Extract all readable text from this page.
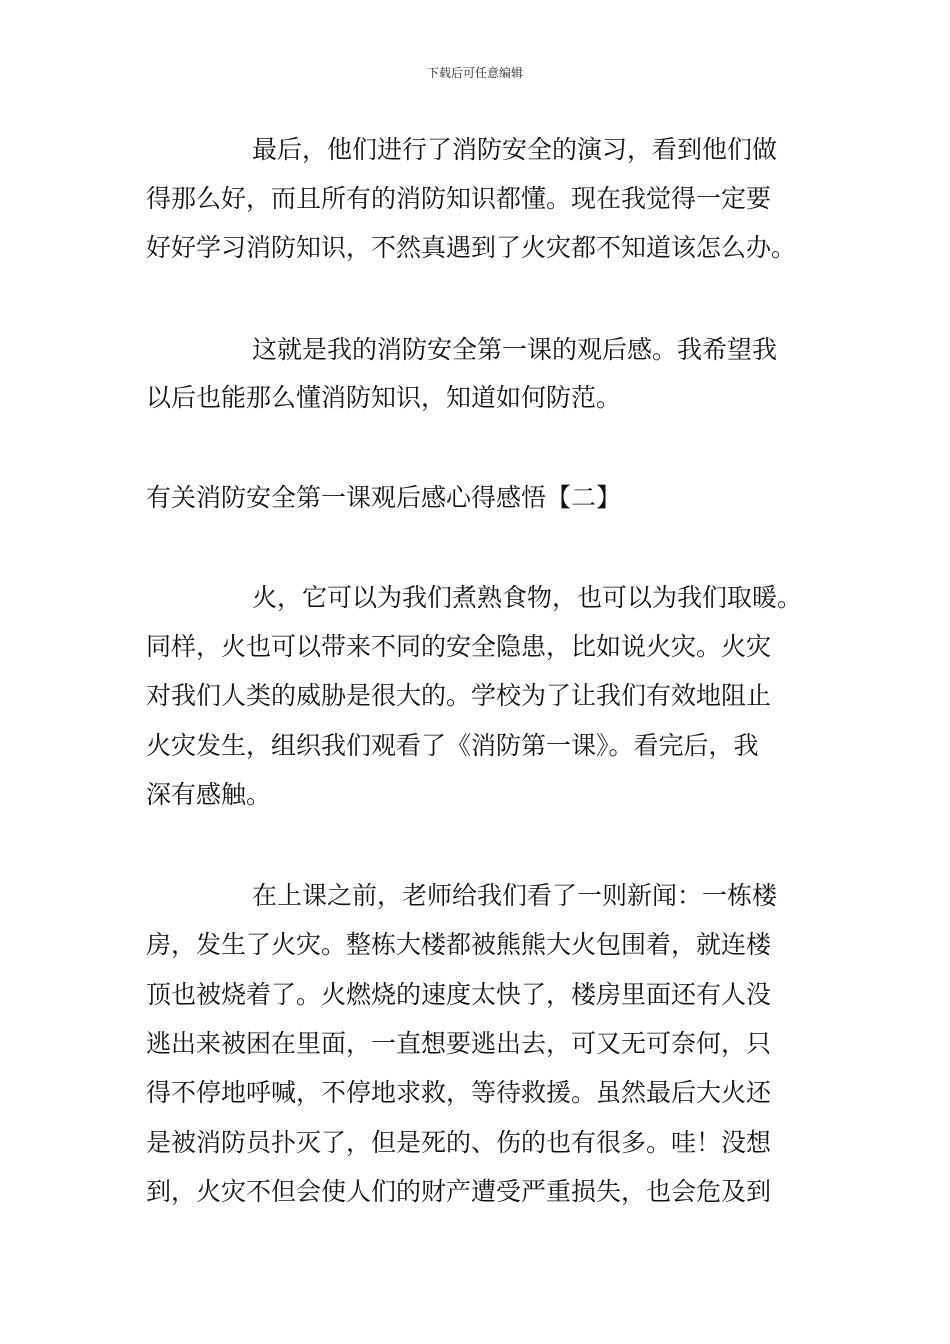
下载后可任意编辑
最后，他们进行了消防安全的演习，看到他们做
得那么好，而且所有的消防知识都懂。现在我觉得一定要
好好学习消防知识，不然真遇到了火灾都不知道该怎么办。
这就是我的消防安全第一课的观后感。我希望我
以后也能那么懂消防知识，知道如何防范。
有关消防安全第一课观后感心得感悟【二】
火，它可以为我们煮熟食物，也可以为我们取暖。
同样，火也可以带来不同的安全隐患，比如说火灾。火灾
对我们人类的威胁是很大的。学校为了让我们有效地阻止
火灾发生，组织我们观看了《消防第一课》。看完后，我
深有感触。
在上课之前，老师给我们看了一则新闻：一栋楼
房，发生了火灾。整栋大楼都被熊熊大火包围着，就连楼
顶也被烧着了。火燃烧的速度太快了，楼房里面还有人没
逃出来被困在里面，一直想要逃出去，可又无可奈何，只
得不停地呼喊，不停地求救，等待救援。虽然最后大火还
是被消防员扑灭了，但是死的、伤的也有很多。哇！没想
到，火灾不但会使人们的财产遭受严重损失，也会危及到
